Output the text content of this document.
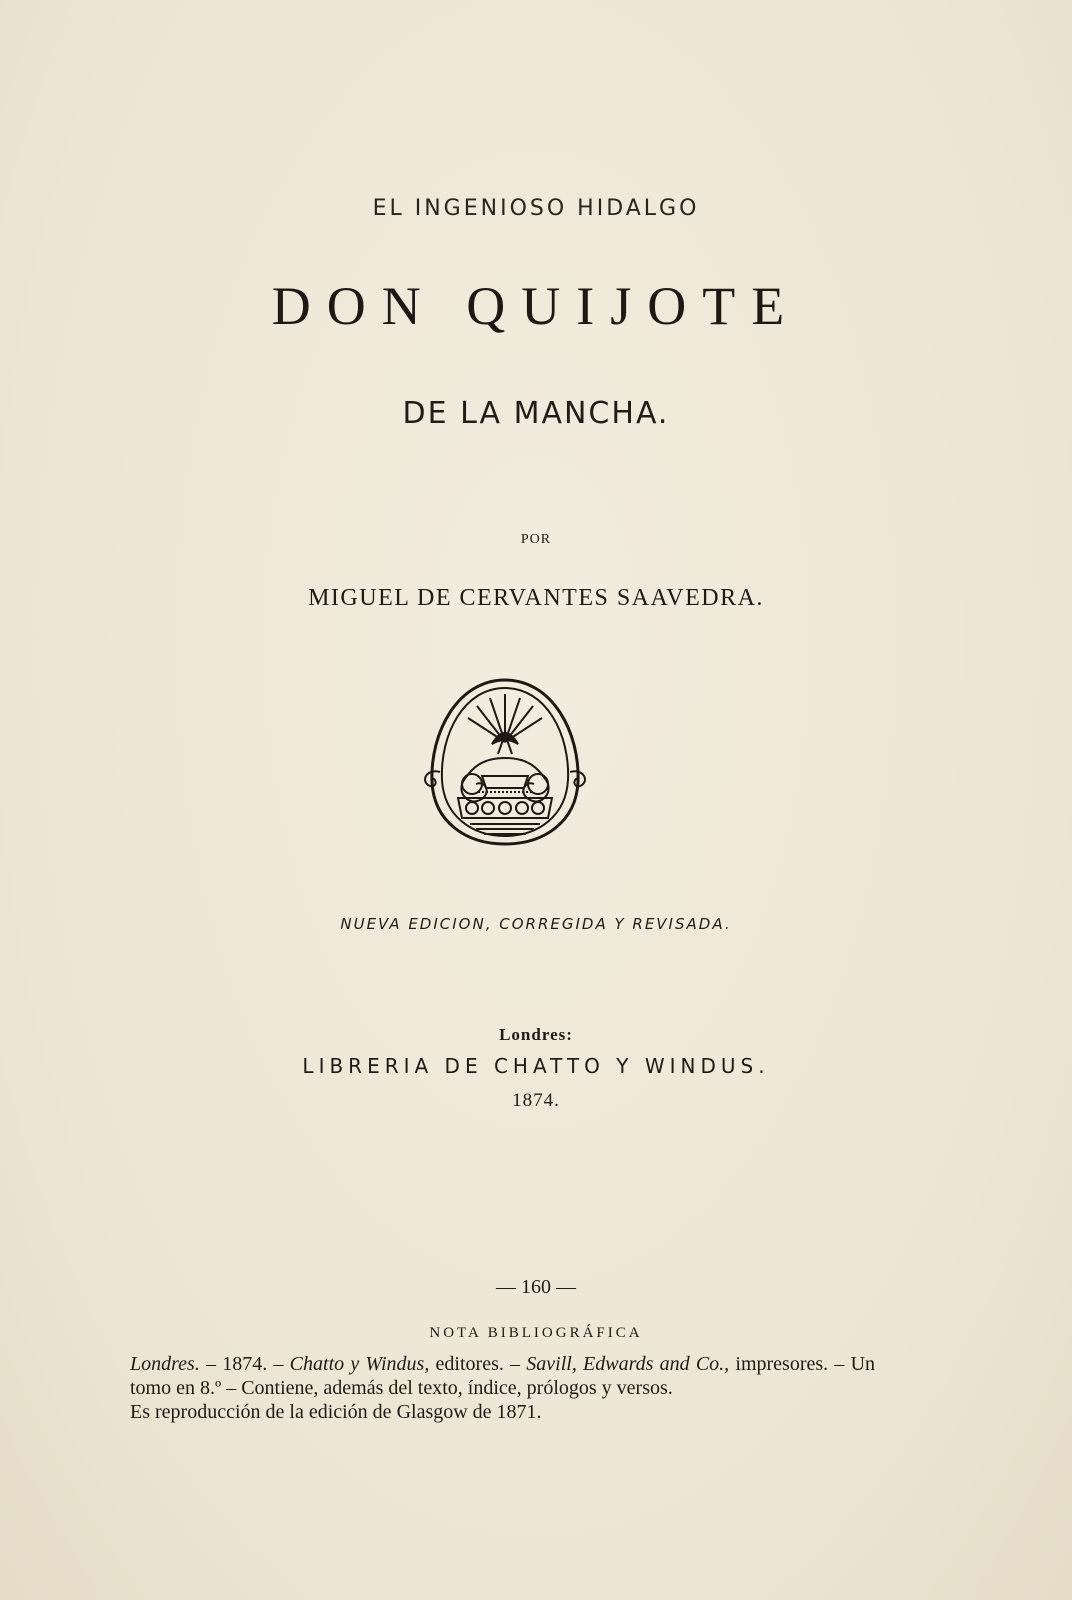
EL INGENIOSO HIDALGO
DON QUIJOTE
DE LA MANCHA.
POR
MIGUEL DE CERVANTES SAAVEDRA.
NUEVA EDICION, CORREGIDA Y REVISADA.
Londres:
LIBRERIA DE CHATTO Y WINDUS.
1874.
— 160 —
NOTA BIBLIOGRÁFICA

Londres. – 1874. – Chatto y Windus, editores. – Savill, Edwards and Co., impresores. – Un tomo en 8.º – Contiene, además del texto, índice, prólogos y versos.

Es reproducción de la edición de Glasgow de 1871.
